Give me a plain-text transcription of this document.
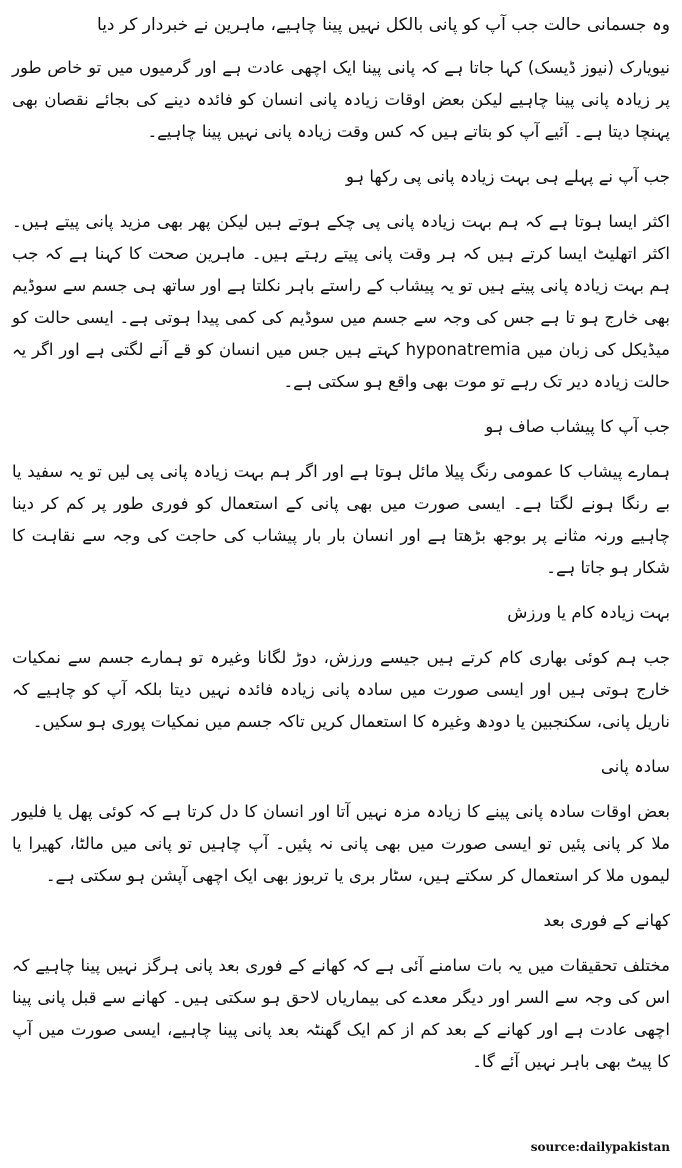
وہ جسمانی حالت جب آپ کو پانی بالکل نہیں پینا چاہیے، ماہرین نے خبردار کر دیا

نیویارک (نیوز ڈیسک) کہا جاتا ہے کہ پانی پینا ایک اچھی عادت ہے اور گرمیوں میں تو خاص طور پر زیادہ پانی پینا چاہیے لیکن بعض اوقات زیادہ پانی انسان کو فائدہ دینے کی بجائے نقصان بھی پہنچا دیتا ہے۔ آئیے آپ کو بتاتے ہیں کہ کس وقت زیادہ پانی نہیں پینا چاہیے۔

جب آپ نے پہلے ہی بہت زیادہ پانی پی رکھا ہو

اکثر ایسا ہوتا ہے کہ ہم بہت زیادہ پانی پی چکے ہوتے ہیں لیکن پھر بھی مزید پانی پیتے ہیں۔ اکثر اتھلیٹ ایسا کرتے ہیں کہ ہر وقت پانی پیتے رہتے ہیں۔ ماہرین صحت کا کہنا ہے کہ جب ہم بہت زیادہ پانی پیتے ہیں تو یہ پیشاب کے راستے باہر نکلتا ہے اور ساتھ ہی جسم سے سوڈیم بھی خارج ہو تا ہے جس کی وجہ سے جسم میں سوڈیم کی کمی پیدا ہوتی ہے۔ ایسی حالت کو میڈیکل کی زبان میں hyponatremia کہتے ہیں جس میں انسان کو قے آنے لگتی ہے اور اگر یہ حالت زیادہ دیر تک رہے تو موت بھی واقع ہو سکتی ہے۔

جب آپ کا پیشاب صاف ہو

ہمارے پیشاب کا عمومی رنگ پیلا مائل ہوتا ہے اور اگر ہم بہت زیادہ پانی پی لیں تو یہ سفید یا بے رنگا ہونے لگتا ہے۔ ایسی صورت میں بھی پانی کے استعمال کو فوری طور پر کم کر دینا چاہیے ورنہ مثانے پر بوجھ بڑھتا ہے اور انسان بار بار پیشاب کی حاجت کی وجہ سے نقاہت کا شکار ہو جاتا ہے۔

بہت زیادہ کام یا ورزش

جب ہم کوئی بھاری کام کرتے ہیں جیسے ورزش، دوڑ لگانا وغیرہ تو ہمارے جسم سے نمکیات خارج ہوتی ہیں اور ایسی صورت میں سادہ پانی زیادہ فائدہ نہیں دیتا بلکہ آپ کو چاہیے کہ ناریل پانی، سکنجبین یا دودھ وغیرہ کا استعمال کریں تاکہ جسم میں نمکیات پوری ہو سکیں۔

سادہ پانی

بعض اوقات سادہ پانی پینے کا زیادہ مزہ نہیں آتا اور انسان کا دل کرتا ہے کہ کوئی پھل یا فلیور ملا کر پانی پئیں تو ایسی صورت میں بھی پانی نہ پئیں۔ آپ چاہیں تو پانی میں مالٹا، کھیرا یا لیموں ملا کر استعمال کر سکتے ہیں، سٹار بری یا تربوز بھی ایک اچھی آپشن ہو سکتی ہے۔

کھانے کے فوری بعد

مختلف تحقیقات میں یہ بات سامنے آئی ہے کہ کھانے کے فوری بعد پانی ہرگز نہیں پینا چاہیے کہ اس کی وجہ سے السر اور دیگر معدے کی بیماریاں لاحق ہو سکتی ہیں۔ کھانے سے قبل پانی پینا اچھی عادت ہے اور کھانے کے بعد کم از کم ایک گھنٹہ بعد پانی پینا چاہیے، ایسی صورت میں آپ کا پیٹ بھی باہر نہیں آئے گا۔

source:dailypakistan
